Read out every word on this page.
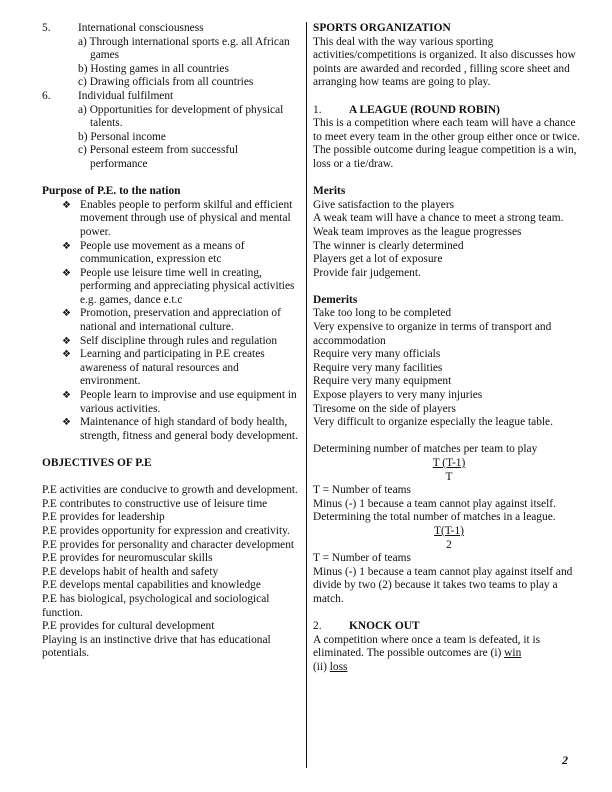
5.	International consciousness
a) Through international sports e.g. all African games
b) Hosting games in all countries
c) Drawing officials from all countries
6.	Individual fulfilment
a) Opportunities for development of physical talents.
b) Personal income
c) Personal esteem from successful performance
Purpose of P.E. to the nation
❖ Enables people to perform skilful and efficient movement through use of physical and mental power.
❖ People use movement as a means of communication, expression etc
❖ People use leisure time well in creating, performing and appreciating physical activities e.g. games, dance e.t.c
❖ Promotion, preservation and appreciation of national and international culture.
❖ Self discipline through rules and regulation
❖ Learning and participating in P.E creates awareness of natural resources and environment.
❖ People learn to improvise and use equipment in various activities.
❖ Maintenance of high standard of body health, strength, fitness and general body development.
OBJECTIVES OF P.E
P.E activities are conducive to growth and development.
P.E contributes to constructive use of leisure time
P.E provides for leadership
P.E provides opportunity for expression and creativity.
P.E provides for personality and character development
P.E provides for neuromuscular skills
P.E develops habit of health and safety
P.E develops mental capabilities and knowledge
P.E has biological, psychological and sociological function.
P.E provides for cultural development
Playing is an instinctive drive that has educational potentials.
SPORTS ORGANIZATION
This deal with the way various sporting activities/competitions is organized. It also discusses how points are awarded and recorded , filling score sheet and arranging how teams are going to play.
1.	A LEAGUE (ROUND ROBIN)
This is a competition where each team will have a chance to meet every team in the other group either once or twice. The possible outcome during league competition is a win, loss or a tie/draw.
Merits
Give satisfaction to the players
A weak team will have a chance to meet a strong team.
Weak team improves as the league progresses
The winner is clearly determined
Players get a lot of exposure
Provide fair judgement.
Demerits
Take too long to be completed
Very expensive to organize in terms of transport and accommodation
Require very many officials
Require very many facilities
Require very many equipment
Expose players to very many injuries
Tiresome on the side of players
Very difficult to organize especially the league table.
Determining number of matches per team to play
T (T-1)
T
T = Number of teams
Minus (-) 1 because a team cannot play against itself.
Determining the total number of matches in a league.
T(T-1)
2
T = Number of teams
Minus (-) 1 because a team cannot play against itself and divide by two (2) because it takes two teams to play a match.
2.	KNOCK OUT
A competition where once a team is defeated, it is eliminated. The possible outcomes are (i) win
(ii) loss
2
